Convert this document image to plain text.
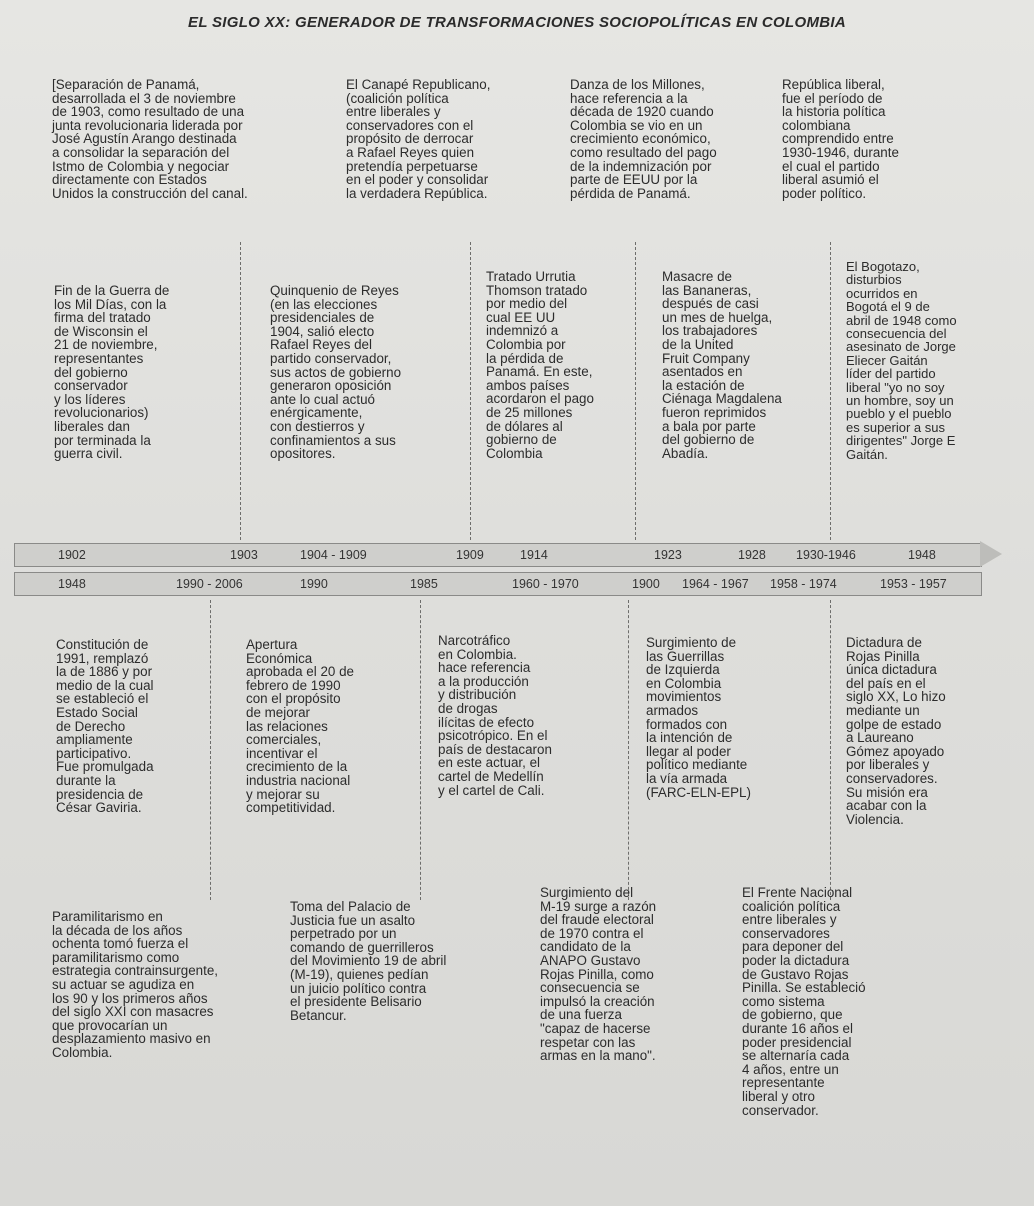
EL SIGLO XX: GENERADOR DE TRANSFORMACIONES SOCIOPOLÍTICAS EN COLOMBIA
[Separación de Panamá,
desarrollada el 3 de noviembre
de 1903, como resultado de una
junta revolucionaria liderada por
José Agustín Arango destinada
a consolidar la separación del
Istmo de Colombia y negociar
directamente con Estados
Unidos la construcción del canal.
El Canapé Republicano,
(coalición política
entre liberales y
conservadores con el
propósito de derrocar
a Rafael Reyes quien
pretendía perpetuarse
en el poder y consolidar
la verdadera República.
Danza de los Millones,
hace referencia a la
década de 1920 cuando
Colombia se vio en un
crecimiento económico,
como resultado del pago
de la indemnización por
parte de EEUU por la
pérdida de Panamá.
República liberal,
fue el período de
la historia política
colombiana
comprendido entre
1930-1946, durante
el cual el partido
liberal asumió el
poder político.
Fin de la Guerra de
los Mil Días, con la
firma del tratado
de Wisconsin el
21 de noviembre,
representantes
del gobierno
conservador
y los líderes
revolucionarios)
liberales dan
por terminada la
guerra civil.
Quinquenio de Reyes
(en las elecciones
presidenciales de
1904, salió electo
Rafael Reyes del
partido conservador,
sus actos de gobierno
generaron oposición
ante lo cual actuó
enérgicamente,
con destierros y
confinamientos a sus
opositores.
Tratado Urrutia
Thomson tratado
por medio del
cual EE UU
indemnizó a
Colombia por
la pérdida de
Panamá. En este,
ambos países
acordaron el pago
de 25 millones
de dólares al
gobierno de
Colombia
Masacre de
las Bananeras,
después de casi
un mes de huelga,
los trabajadores
de la United
Fruit Company
asentados en
la estación de
Ciénaga Magdalena
fueron reprimidos
a bala por parte
del gobierno de
Abadía.
El Bogotazo,
disturbios
ocurridos en
Bogotá el 9 de
abril de 1948 como
consecuencia del
asesinato de Jorge
Eliecer Gaitán
líder del partido
liberal "yo no soy
un hombre, soy un
pueblo y el pueblo
es superior a sus
dirigentes" Jorge E
Gaitán.
1902	1903	1904 - 1909	1909	1914	1923	1928 1930-1946	1948
1948	1990 - 2006	1990	1985	1960 - 1970	1900 1964 - 1967 1958 - 1974	1953 - 1957
Constitución de
1991, remplazó
la de 1886 y por
medio de la cual
se estableció el
Estado Social
de Derecho
ampliamente
participativo.
Fue promulgada
durante la
presidencia de
César Gaviria.
Apertura
Económica
aprobada el 20 de
febrero de 1990
con el propósito
de mejorar
las relaciones
comerciales,
incentivar el
crecimiento de la
industria nacional
y mejorar su
competitividad.
Narcotráfico
en Colombia.
hace referencia
a la producción
y distribución
de drogas
ilícitas de efecto
psicotrópico. En el
país de destacaron
en este actuar, el
cartel de Medellín
y el cartel de Cali.
Surgimiento de
las Guerrillas
de Izquierda
en Colombia
movimientos
armados
formados con
la intención de
llegar al poder
político mediante
la vía armada
(FARC-ELN-EPL)
Dictadura de
Rojas Pinilla
única dictadura
del país en el
siglo XX, Lo hizo
mediante un
golpe de estado
a Laureano
Gómez apoyado
por liberales y
conservadores.
Su misión era
acabar con la
Violencia.
Paramilitarismo en
la década de los años
ochenta tomó fuerza el
paramilitarismo como
estrategia contrainsurgente,
su actuar se agudiza en
los 90 y los primeros años
del siglo XXI con masacres
que provocarían un
desplazamiento masivo en
Colombia.
Toma del Palacio de
Justicia fue un asalto
perpetrado por un
comando de guerrilleros
del Movimiento 19 de abril
(M-19), quienes pedían
un juicio político contra
el presidente Belisario
Betancur.
Surgimiento del
M-19 surge a razón
del fraude electoral
de 1970 contra el
candidato de la
ANAPO Gustavo
Rojas Pinilla, como
consecuencia se
impulsó la creación
de una fuerza
"capaz de hacerse
respetar con las
armas en la mano".
El Frente Nacional
coalición política
entre liberales y
conservadores
para deponer del
poder la dictadura
de Gustavo Rojas
Pinilla. Se estableció
como sistema
de gobierno, que
durante 16 años el
poder presidencial
se alternaría cada
4 años, entre un
representante
liberal y otro
conservador.
